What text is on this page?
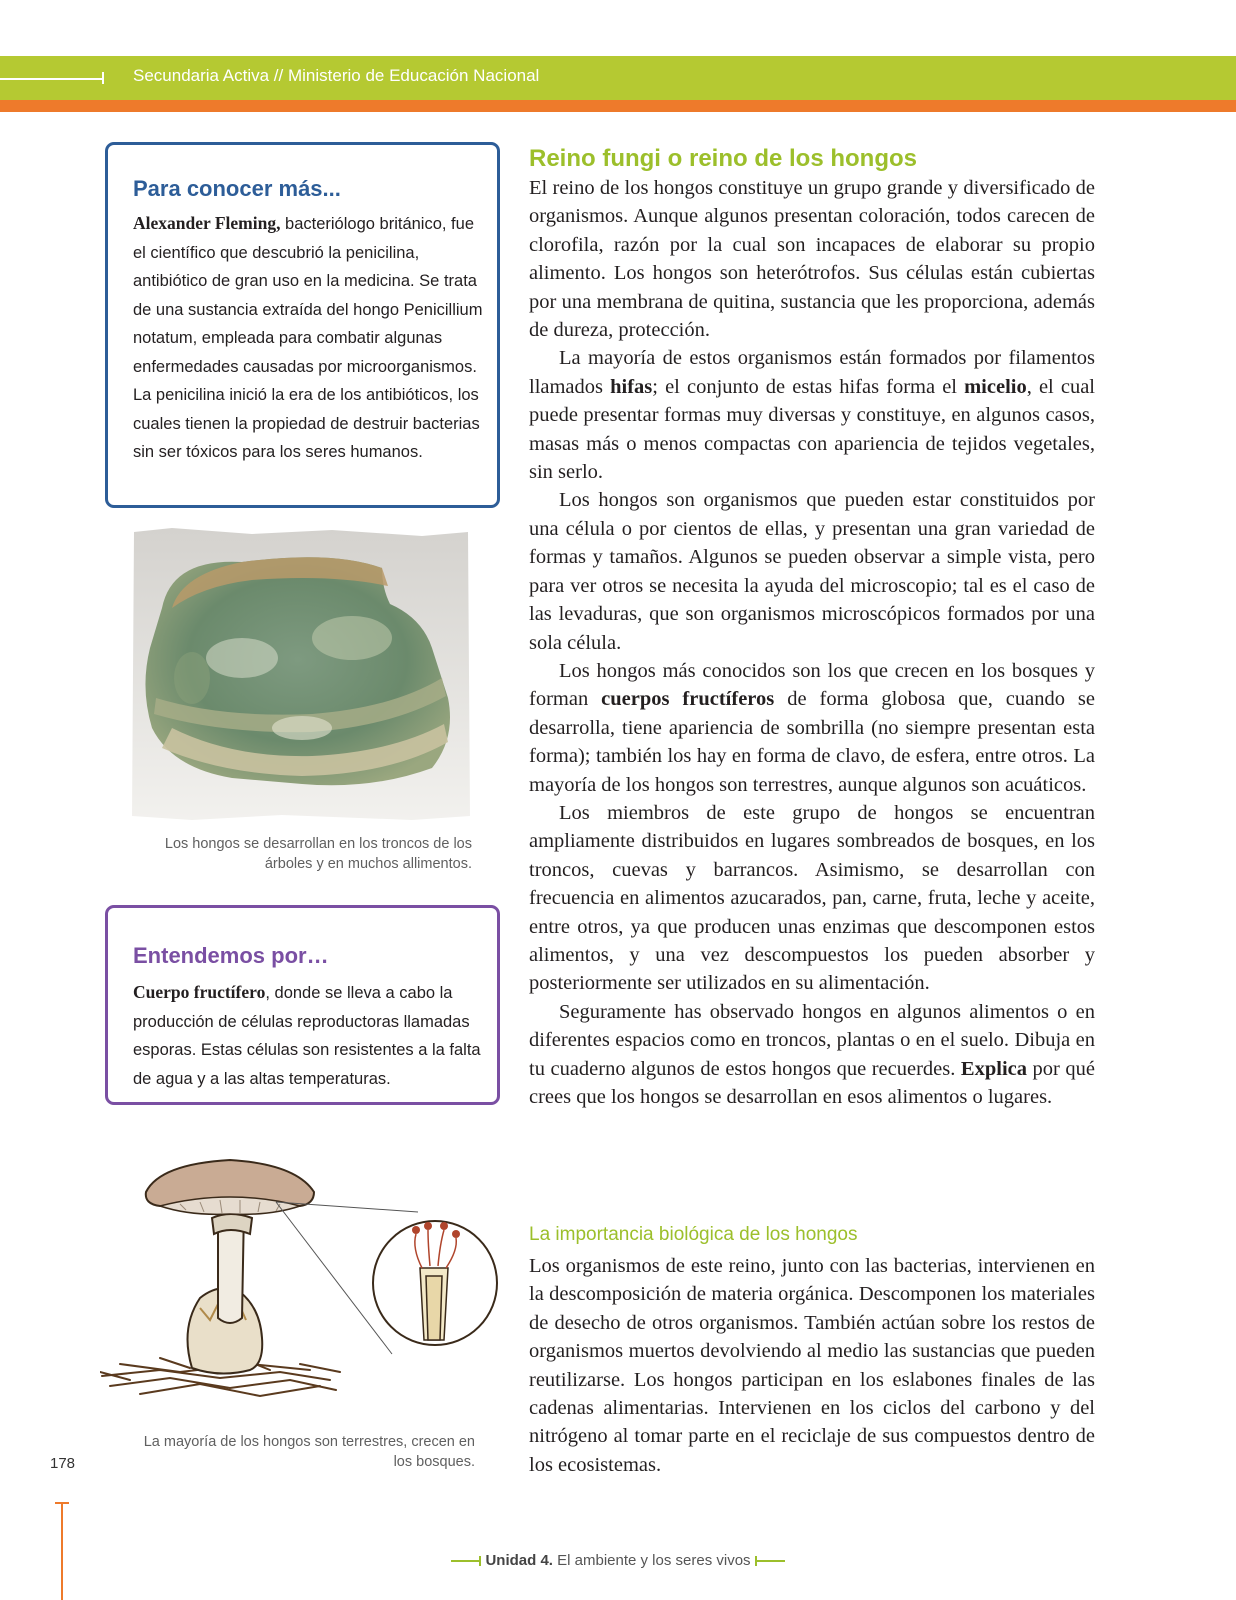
Secundaria Activa // Ministerio de Educación Nacional
Para conocer más...
Alexander Fleming, bacteriólogo británico, fue el científico que descubrió la penicilina, antibiótico de gran uso en la medicina. Se trata de una sustancia extraída del hongo Penicillium notatum, empleada para combatir algunas enfermedades causadas por microorganismos. La penicilina inició la era de los antibióticos, los cuales tienen la propiedad de destruir bacterias sin ser tóxicos para los seres humanos.
Los hongos se desarrollan en los troncos de los árboles y en muchos allimentos.
Entendemos por…
Cuerpo fructífero, donde se lleva a cabo la producción de células reproductoras llamadas esporas. Estas células son resistentes a la falta de agua y a las altas temperaturas.
La mayoría de los hongos son terrestres, crecen en los bosques.
Reino fungi o reino de los hongos

El reino de los hongos constituye un grupo grande y diversificado de organismos. Aunque algunos presentan coloración, todos carecen de clorofila, razón por la cual son incapaces de elaborar su propio alimento. Los hongos son heterótrofos. Sus células están cubiertas por una membrana de quitina, sustancia que les proporciona, además de dureza, protección.

La mayoría de estos organismos están formados por filamentos llamados hifas; el conjunto de estas hifas forma el micelio, el cual puede presentar formas muy diversas y constituye, en algunos casos, masas más o menos compactas con apariencia de tejidos vegetales, sin serlo.

Los hongos son organismos que pueden estar constituidos por una célula o por cientos de ellas, y presentan una gran variedad de formas y tamaños. Algunos se pueden observar a simple vista, pero para ver otros se necesita la ayuda del microscopio; tal es el caso de las levaduras, que son organismos microscópicos formados por una sola célula.

Los hongos más conocidos son los que crecen en los bosques y forman cuerpos fructíferos de forma globosa que, cuando se desarrolla, tiene apariencia de sombrilla (no siempre presentan esta forma); también los hay en forma de clavo, de esfera, entre otros. La mayoría de los hongos son terrestres, aunque algunos son acuáticos.

Los miembros de este grupo de hongos se encuentran ampliamente distribuidos en lugares sombreados de bosques, en los troncos, cuevas y barrancos. Asimismo, se desarrollan con frecuencia en alimentos azucarados, pan, carne, fruta, leche y aceite, entre otros, ya que producen unas enzimas que descomponen estos alimentos, y una vez descompuestos los pueden absorber y posteriormente ser utilizados en su alimentación.

Seguramente has observado hongos en algunos alimentos o en diferentes espacios como en troncos, plantas o en el suelo. Dibuja en tu cuaderno algunos de estos hongos que recuerdes. Explica por qué crees que los hongos se desarrollan en esos alimentos o lugares.

La importancia biológica de los hongos

Los organismos de este reino, junto con las bacterias, intervienen en la descomposición de materia orgánica. Descomponen los materiales de desecho de otros organismos. También actúan sobre los restos de organismos muertos devolviendo al medio las sustancias que pueden reutilizarse. Los hongos participan en los eslabones finales de las cadenas alimentarias. Intervienen en los ciclos del carbono y del nitrógeno al tomar parte en el reciclaje de sus compuestos dentro de los ecosistemas.

178
Unidad 4. El ambiente y los seres vivos
